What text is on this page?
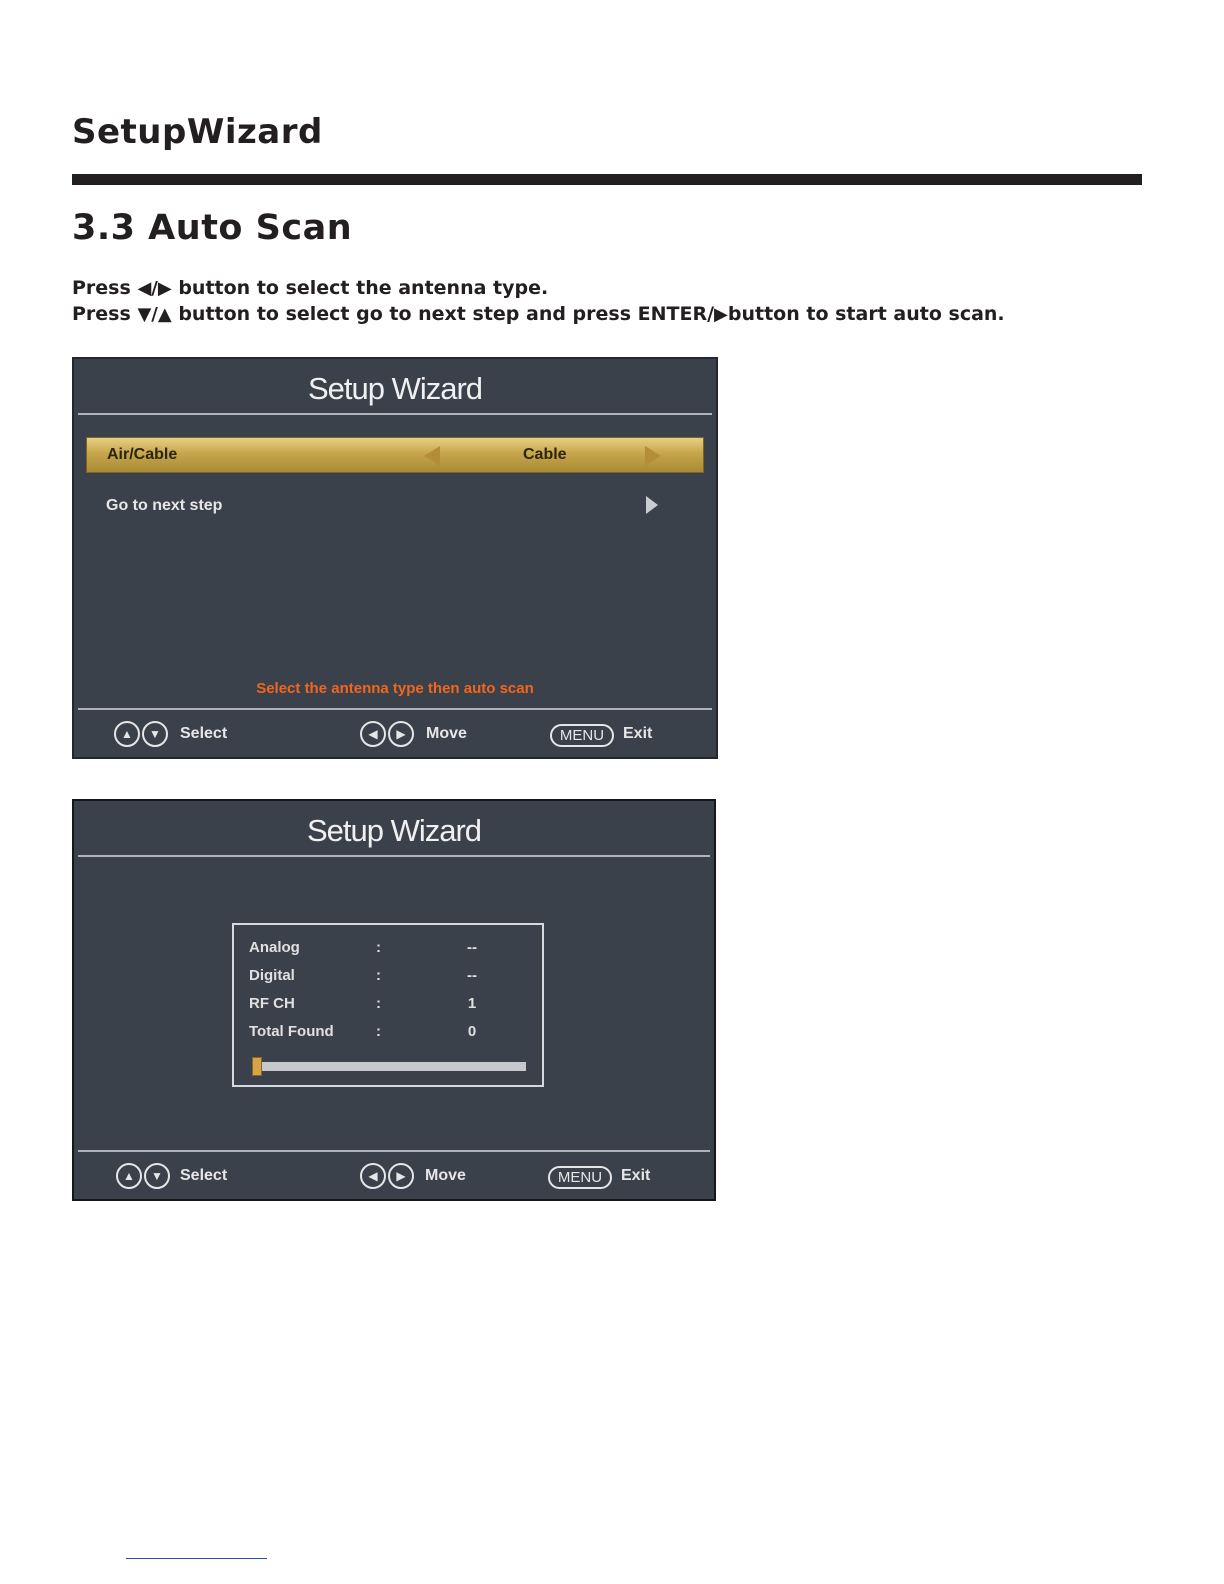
SetupWizard
3.3 Auto Scan
Press ◀/▶ button to select the antenna type.
Press ▼/▲ button to select go to next step and press ENTER/▶button to start auto scan.
Setup Wizard
Air/Cable	Cable
Go to next step
Select the antenna type then auto scan
▲	▼	Select	◀	▶	Move	MENU	Exit
Setup Wizard
Analog	:	--
Digital	:	--
RF CH	:	1
Total Found	:	0
▲	▼	Select	◀	▶	Move	MENU	Exit
